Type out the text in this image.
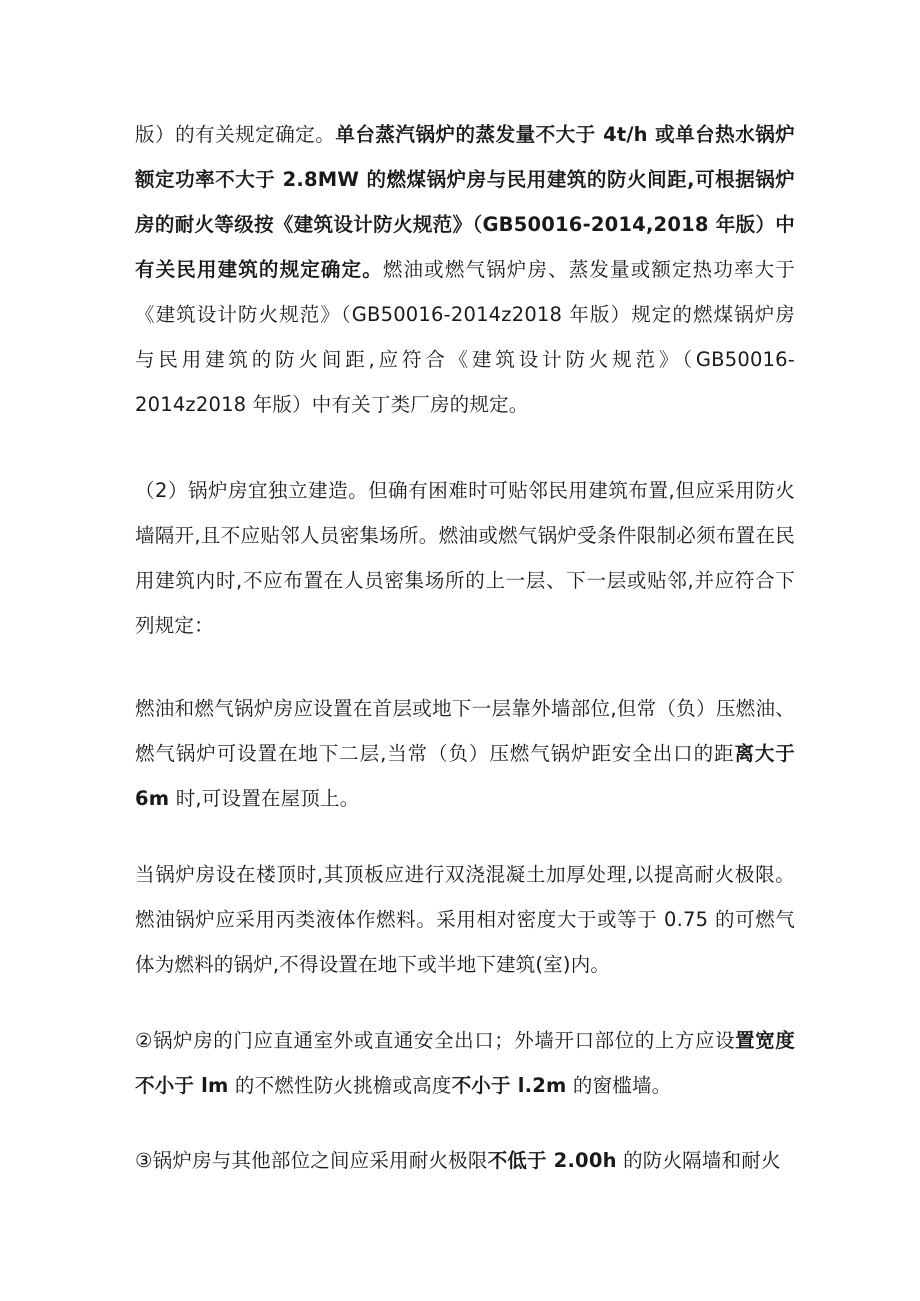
版）的有关规定确定。单台蒸汽锅炉的蒸发量不大于 4t/h 或单台热水锅炉额定功率不大于 2.8MW 的燃煤锅炉房与民用建筑的防火间距,可根据锅炉房的耐火等级按《建筑设计防火规范》（GB50016-2014,2018 年版）中有关民用建筑的规定确定。燃油或燃气锅炉房、蒸发量或额定热功率大于《建筑设计防火规范》（GB50016-2014z2018 年版）规定的燃煤锅炉房与民用建筑的防火间距,应符合《建筑设计防火规范》（GB50016-2014z2018 年版）中有关丁类厂房的规定。

（2）锅炉房宜独立建造。但确有困难时可贴邻民用建筑布置,但应采用防火墙隔开,且不应贴邻人员密集场所。燃油或燃气锅炉受条件限制必须布置在民用建筑内时,不应布置在人员密集场所的上一层、下一层或贴邻,并应符合下列规定：

燃油和燃气锅炉房应设置在首层或地下一层靠外墙部位,但常（负）压燃油、燃气锅炉可设置在地下二层,当常（负）压燃气锅炉距安全出口的距离大于 6m 时,可设置在屋顶上。

当锅炉房设在楼顶时,其顶板应进行双浇混凝土加厚处理,以提高耐火极限。燃油锅炉应采用丙类液体作燃料。采用相对密度大于或等于 0.75 的可燃气体为燃料的锅炉,不得设置在地下或半地下建筑(室)内。

②锅炉房的门应直通室外或直通安全出口；外墙开口部位的上方应设置宽度不小于 lm 的不燃性防火挑檐或高度不小于 l.2m 的窗槛墙。

③锅炉房与其他部位之间应采用耐火极限不低于 2.00h 的防火隔墙和耐火
